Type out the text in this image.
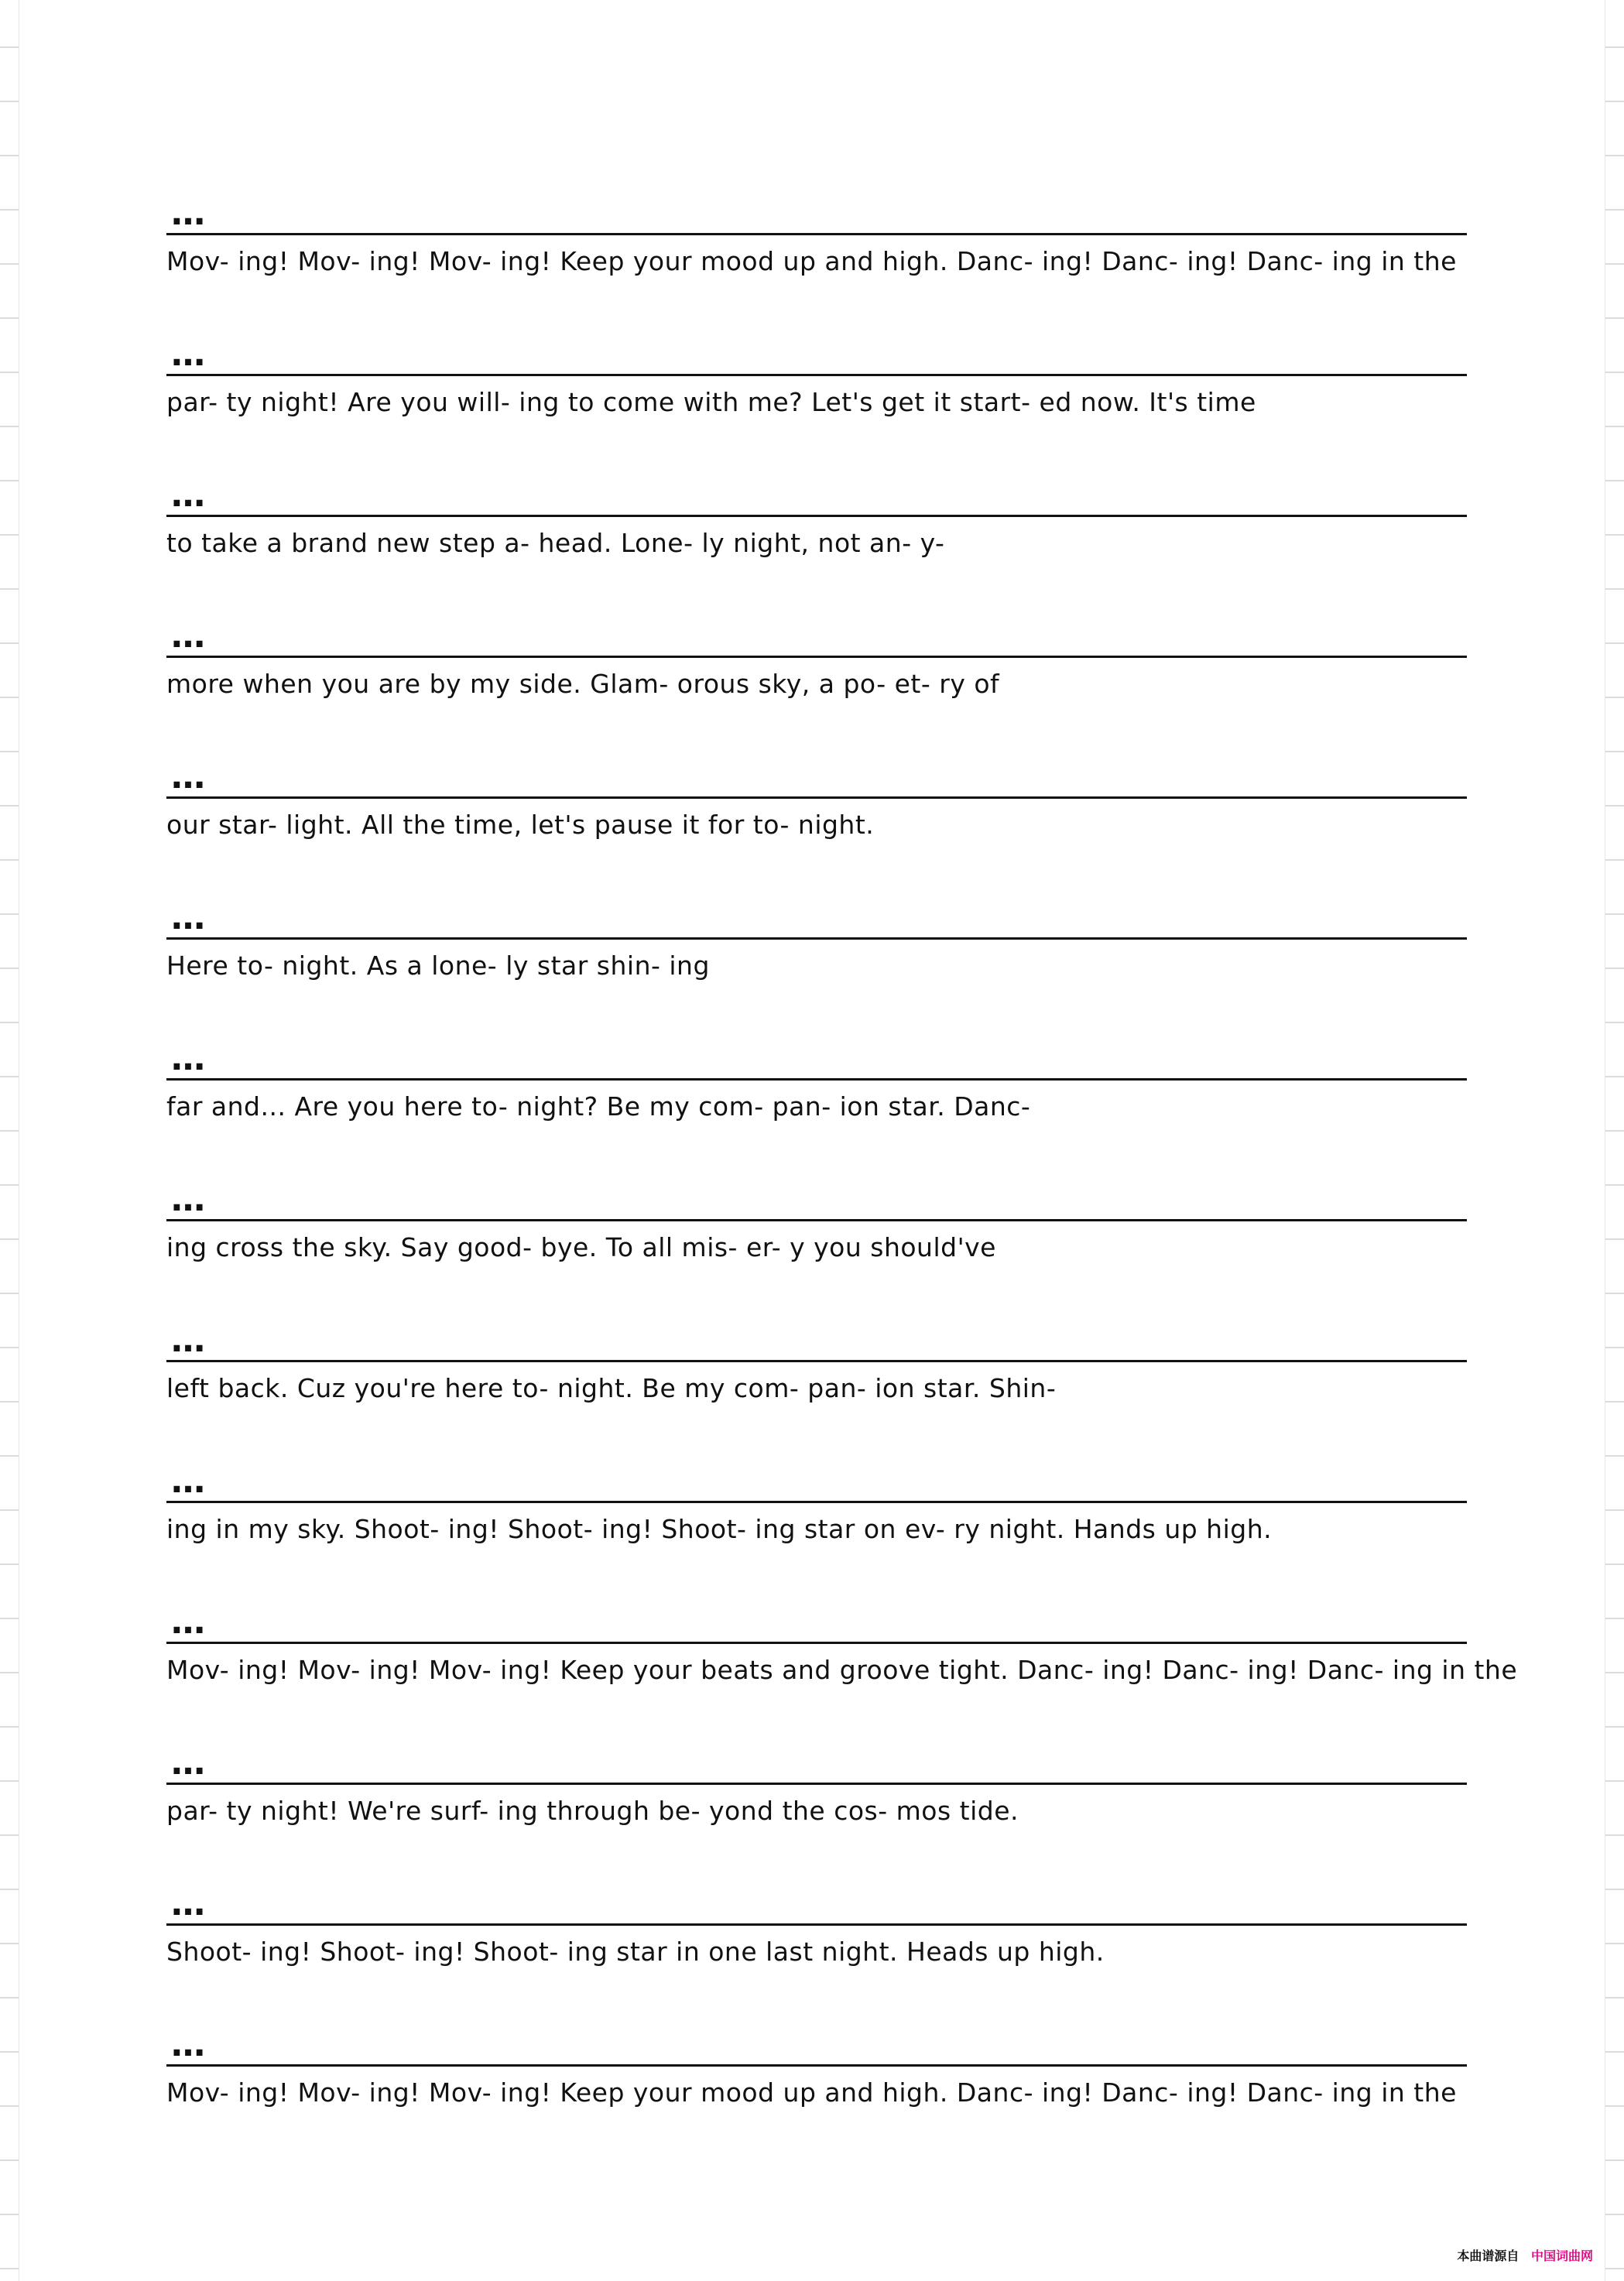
…
Mov- ing! Mov- ing! Mov- ing! Keep your mood up and high. Danc- ing! Danc- ing! Danc- ing in the
…
par- ty night! Are you will- ing to come with me? Let's get it start- ed now. It's time
…
to take a brand new step a- head. Lone- ly night, not an- y-
…
more when you are by my side. Glam- orous sky, a po- et- ry of
…
our star- light. All the time, let's pause it for to- night.
…
Here to- night. As a lone- ly star shin- ing
…
far and... Are you here to- night? Be my com- pan- ion star. Danc-
…
ing cross the sky. Say good- bye. To all mis- er- y you should've
…
left back. Cuz you're here to- night. Be my com- pan- ion star. Shin-
…
ing in my sky. Shoot- ing! Shoot- ing! Shoot- ing star on ev- ry night. Hands up high.
…
Mov- ing! Mov- ing! Mov- ing! Keep your beats and groove tight. Danc- ing! Danc- ing! Danc- ing in the
…
par- ty night! We're surf- ing through be- yond the cos- mos tide.
…
Shoot- ing! Shoot- ing! Shoot- ing star in one last night. Heads up high.
…
Mov- ing! Mov- ing! Mov- ing! Keep your mood up and high. Danc- ing! Danc- ing! Danc- ing in the
本曲谱源自 中国词曲网
